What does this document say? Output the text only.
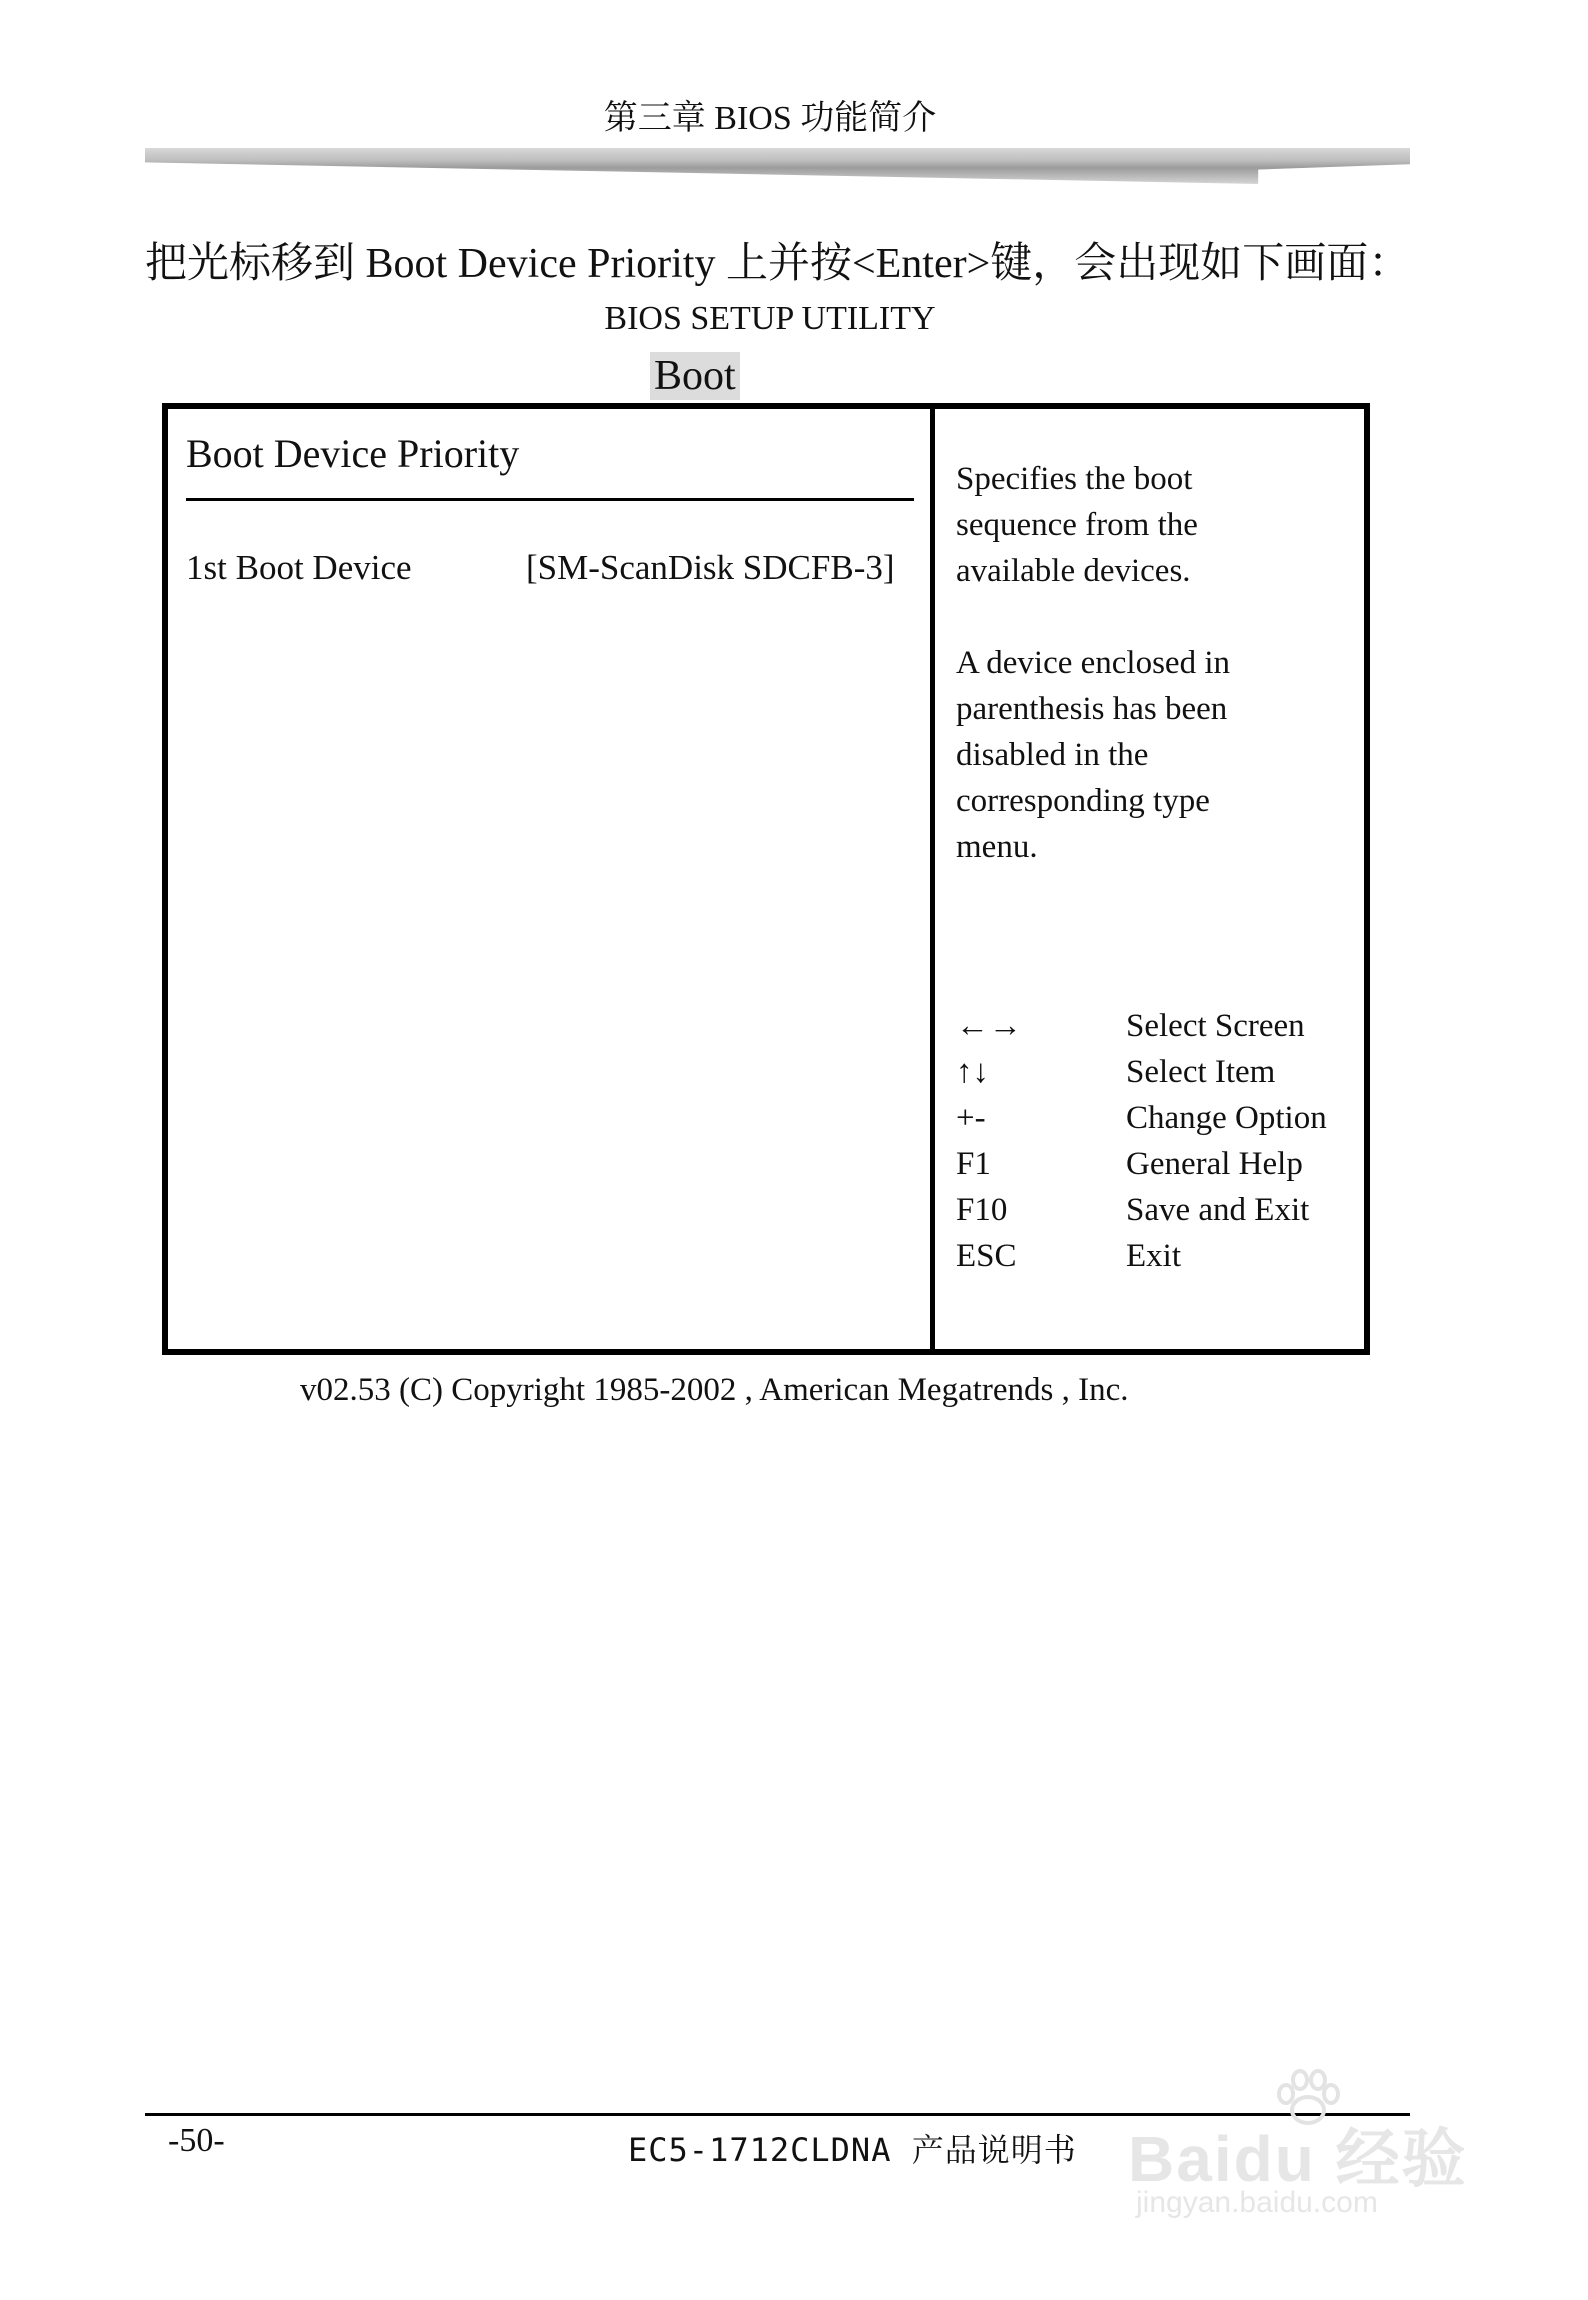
第三章 BIOS 功能简介
把光标移到 Boot Device Priority 上并按<Enter>键，会出现如下画面：
BIOS SETUP UTILITY
Boot
Boot Device Priority
1st Boot Device	[SM-ScanDisk SDCFB-3]

Specifies the boot

sequence from the

available devices.

A device enclosed in

parenthesis has been

disabled in the

corresponding type

menu.

←→	Select Screen
↑↓	Select Item
+-	Change Option
F1	General Help
F10	Save and Exit
ESC	Exit
v02.53 (C) Copyright 1985-2002 , American Megatrends , Inc.
-50-	EC5-1712CLDNA 产品说明书 Baidu 经验
jingyan.baidu.com
